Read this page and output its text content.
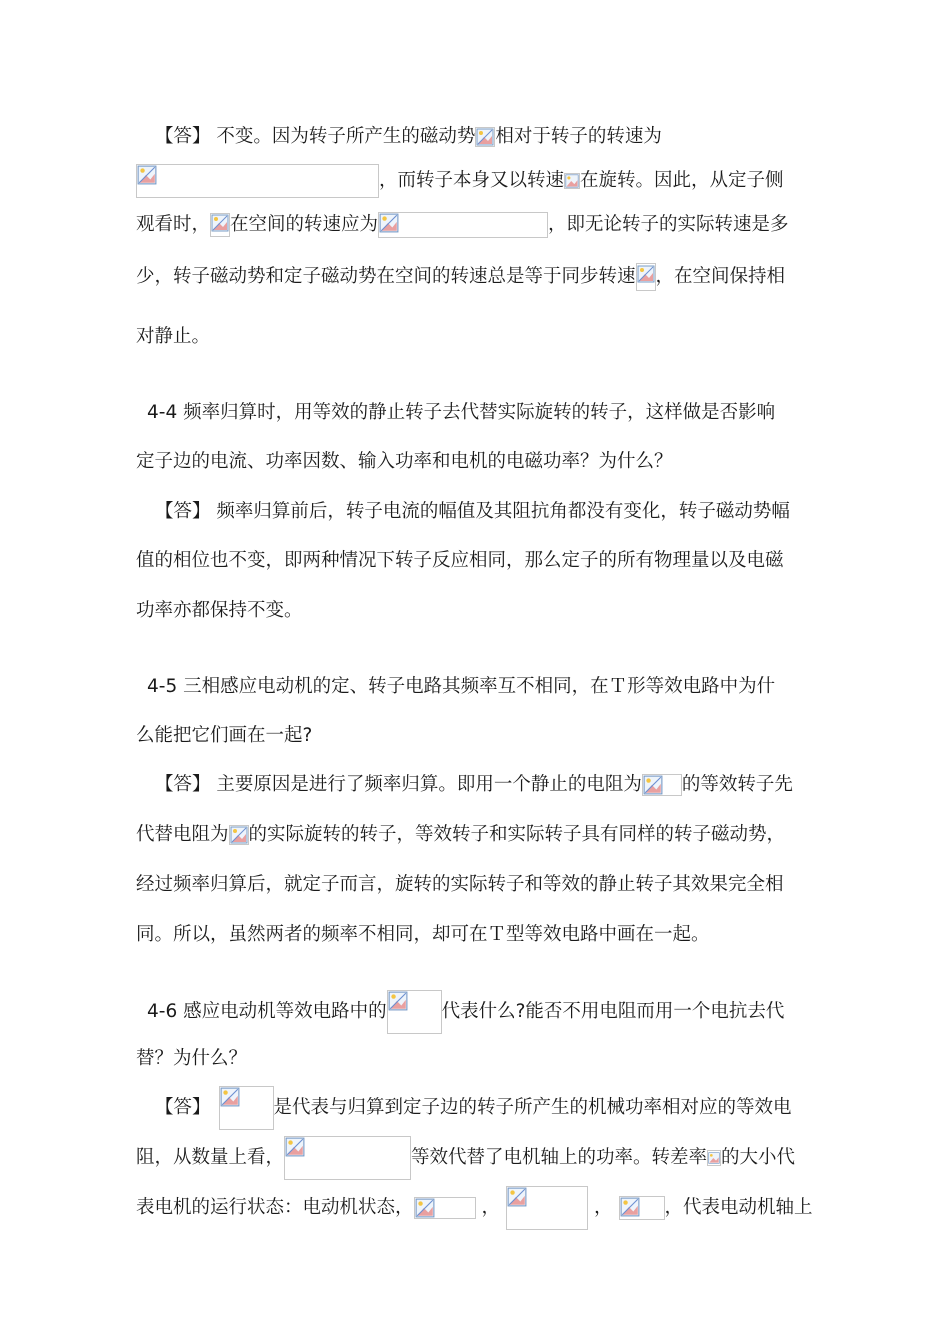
【答】 不变。因为转子所产生的磁动势 相对于转子的转速为
，而转子本身又以转速 在旋转。因此，从定子侧
观看时， 在空间的转速应为	，即无论转子的实际转速是多
少，转子磁动势和定子磁动势在空间的转速总是等于同步转速 ，在空间保持相
对静止。
4-4 频率归算时，用等效的静止转子去代替实际旋转的转子，这样做是否影响
定子边的电流、功率因数、输入功率和电机的电磁功率？为什么？
【答】 频率归算前后，转子电流的幅值及其阻抗角都没有变化，转子磁动势幅
值的相位也不变，即两种情况下转子反应相同，那么定子的所有物理量以及电磁
功率亦都保持不变。
4-5 三相感应电动机的定、转子电路其频率互不相同，在Ｔ形等效电路中为什
么能把它们画在一起?
【答】 主要原因是进行了频率归算。即用一个静止的电阻为 的等效转子先
代替电阻为 的实际旋转的转子，等效转子和实际转子具有同样的转子磁动势，
经过频率归算后，就定子而言，旋转的实际转子和等效的静止转子其效果完全相
同。所以，虽然两者的频率不相同，却可在Ｔ型等效电路中画在一起。
4-6 感应电动机等效电路中的	代表什么?能否不用电阻而用一个电抗去代
替？为什么？
【答】	是代表与归算到定子边的转子所产生的机械功率相对应的等效电
阻，从数量上看，	等效代替了电机轴上的功率。转差率 的大小代
表电机的运行状态：电动机状态，	，	，	，代表电动机轴上
